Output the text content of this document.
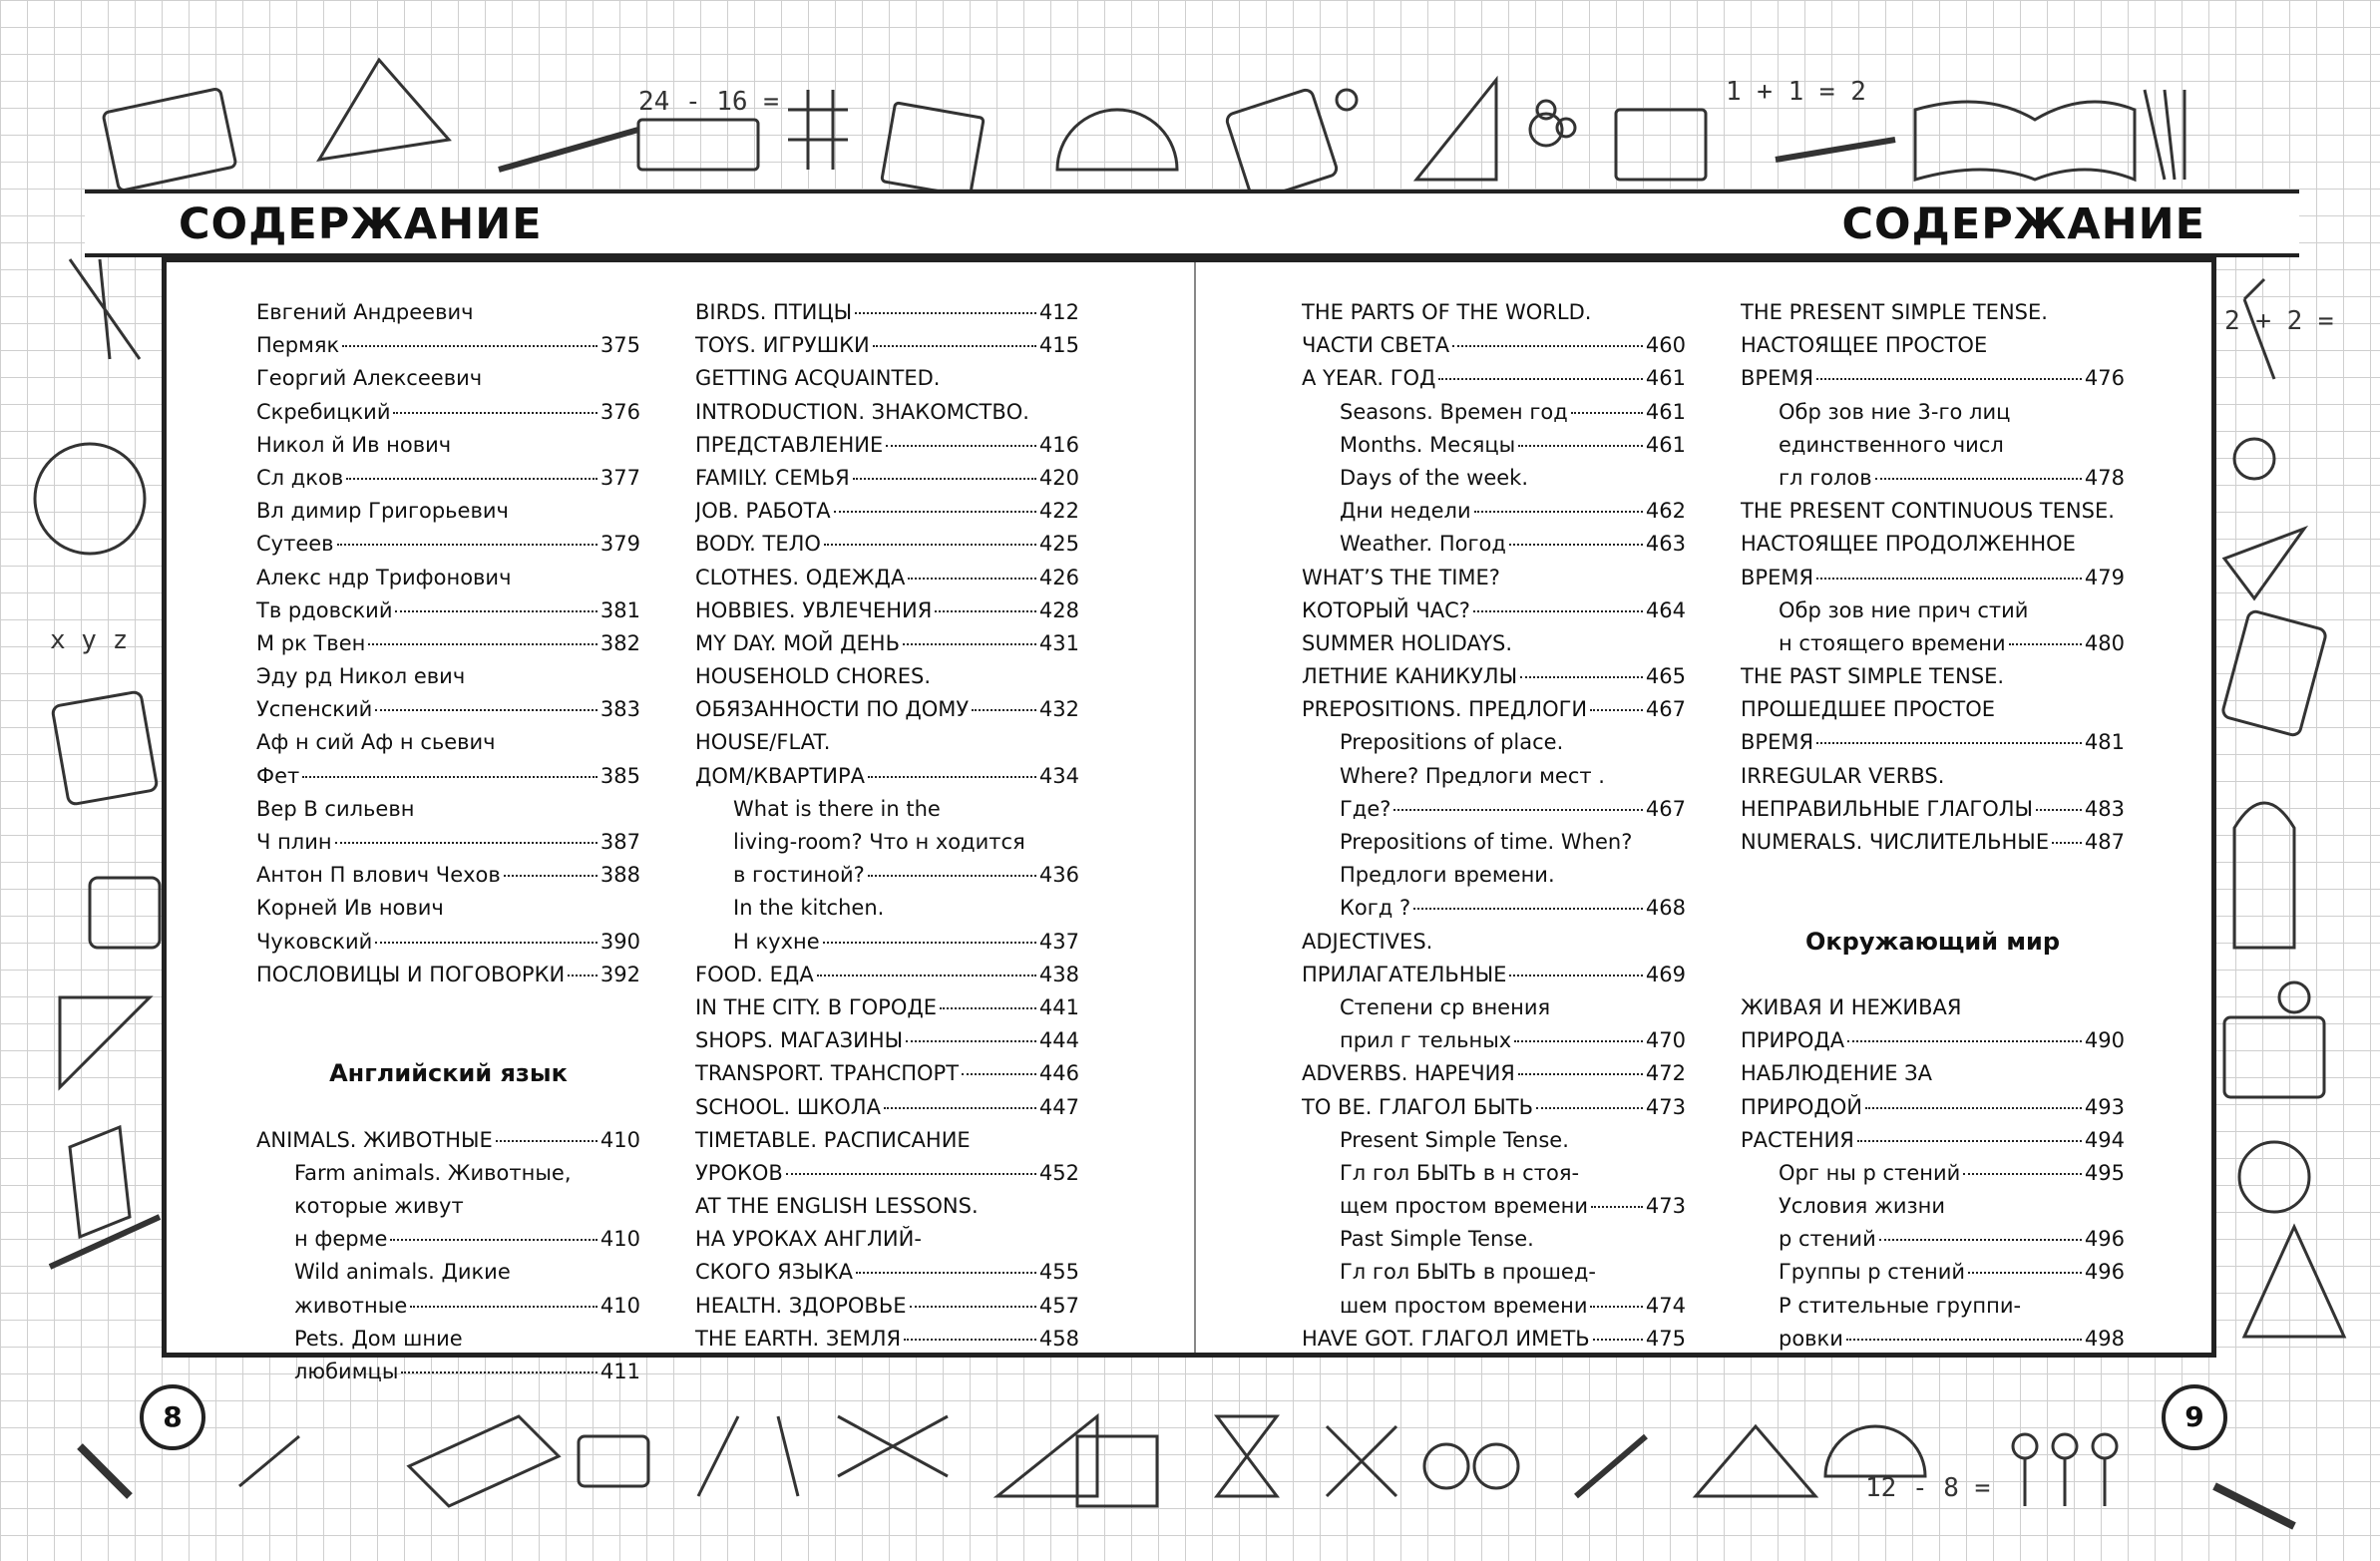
24 - 16 =	1 + 1 = 2
2 + 2 =
12 - 8 =
x y z
СОДЕРЖАНИЕ	СОДЕРЖАНИЕ
Евгений Андреевич
Пермяк	375
Георгий Алексеевич
Скребицкий	376
Никол й Ив нович
Сл дков	377
Вл димир Григорьевич
Сутеев	379
Алекс ндр Трифонович
Тв рдовский	381
М рк Твен	382
Эду рд Никол евич
Успенский	383
Аф н сий Аф н сьевич
Фет	385
Вер В сильевн
Ч плин	387
Антон П влович Чехов	388
Корней Ив нович
Чуковский	390
ПОСЛОВИЦЫ И ПОГОВОРКИ 392
Английский язык
ANIMALS. ЖИВОТНЫЕ	410
Farm animals. Животные,
которые живут
н ферме	410
Wild animals. Дикие
животные	410
Pets. Дом шние
любимцы	411
BIRDS. ПТИЦЫ	412
TOYS. ИГРУШКИ	415
GETTING ACQUAINTED.
INTRODUCTION. ЗНАКОМСТВО.
ПРЕДСТАВЛЕНИЕ	416
FAMILY. СЕМЬЯ	420
JOB. РАБОТА	422
BODY. ТЕЛО	425
CLOTHES. ОДЕЖДА	426
HOBBIES. УВЛЕЧЕНИЯ	428
MY DAY. МОЙ ДЕНЬ	431
HOUSEHOLD CHORES.
ОБЯЗАННОСТИ ПО ДОМУ	432
HOUSE/FLAT.
ДОМ/КВАРТИРА	434
What is there in the
living-room? Что н ходится
в гостиной?	436
In the kitchen.
Н кухне	437
FOOD. ЕДА	438
IN THE CITY. В ГОРОДЕ	441
SHOPS. МАГАЗИНЫ	444
TRANSPORT. ТРАНСПОРТ	446
SCHOOL. ШКОЛА	447
TIMETABLE. РАСПИСАНИЕ
УРОКОВ	452
AT THE ENGLISH LESSONS.
НА УРОКАХ АНГЛИЙ-
СКОГО ЯЗЫКА	455
HEALTH. ЗДОРОВЬЕ	457
THE EARTH. ЗЕМЛЯ	458
THE PARTS OF THE WORLD.
ЧАСТИ СВЕТА	460
A YEAR. ГОД	461
Seasons. Времен год	461
Months. Месяцы	461
Days of the week.
Дни недели	462
Weather. Погод	463
WHAT’S THE TIME?
КОТОРЫЙ ЧАС?	464
SUMMER HOLIDAYS.
ЛЕТНИЕ КАНИКУЛЫ	465
PREPOSITIONS. ПРЕДЛОГИ	467
Prepositions of place.
Where? Предлоги мест .
Где?	467
Prepositions of time. When?
Предлоги времени.
Когд ?	468
ADJECTIVES.
ПРИЛАГАТЕЛЬНЫЕ	469
Степени ср внения
прил г тельных	470
ADVERBS. НАРЕЧИЯ	472
TO BE. ГЛАГОЛ БЫТЬ	473
Present Simple Tense.
Гл гол БЫТЬ в н стоя-
щем простом времени	473
Past Simple Tense.
Гл гол БЫТЬ в прошед-
шем простом времени	474
HAVE GOT. ГЛАГОЛ ИМЕТЬ	475
THE PRESENT SIMPLE TENSE.
НАСТОЯЩЕЕ ПРОСТОЕ
ВРЕМЯ	476
Обр зов ние 3-го лиц
единственного числ
гл голов	478
THE PRESENT CONTINUOUS TENSE.
НАСТОЯЩЕЕ ПРОДОЛЖЕННОЕ
ВРЕМЯ	479
Обр зов ние прич стий
н стоящего времени	480
THE PAST SIMPLE TENSE.
ПРОШЕДШЕЕ ПРОСТОЕ
ВРЕМЯ	481
IRREGULAR VERBS.
НЕПРАВИЛЬНЫЕ ГЛАГОЛЫ 483
NUMERALS. ЧИСЛИТЕЛЬНЫЕ 487
Окружающий мир
ЖИВАЯ И НЕЖИВАЯ
ПРИРОДА	490
НАБЛЮДЕНИЕ ЗА
ПРИРОДОЙ	493
РАСТЕНИЯ	494
Орг ны р стений	495
Условия жизни
р стений	496
Группы р стений	496
Р стительные группи-
ровки	498
8	9
